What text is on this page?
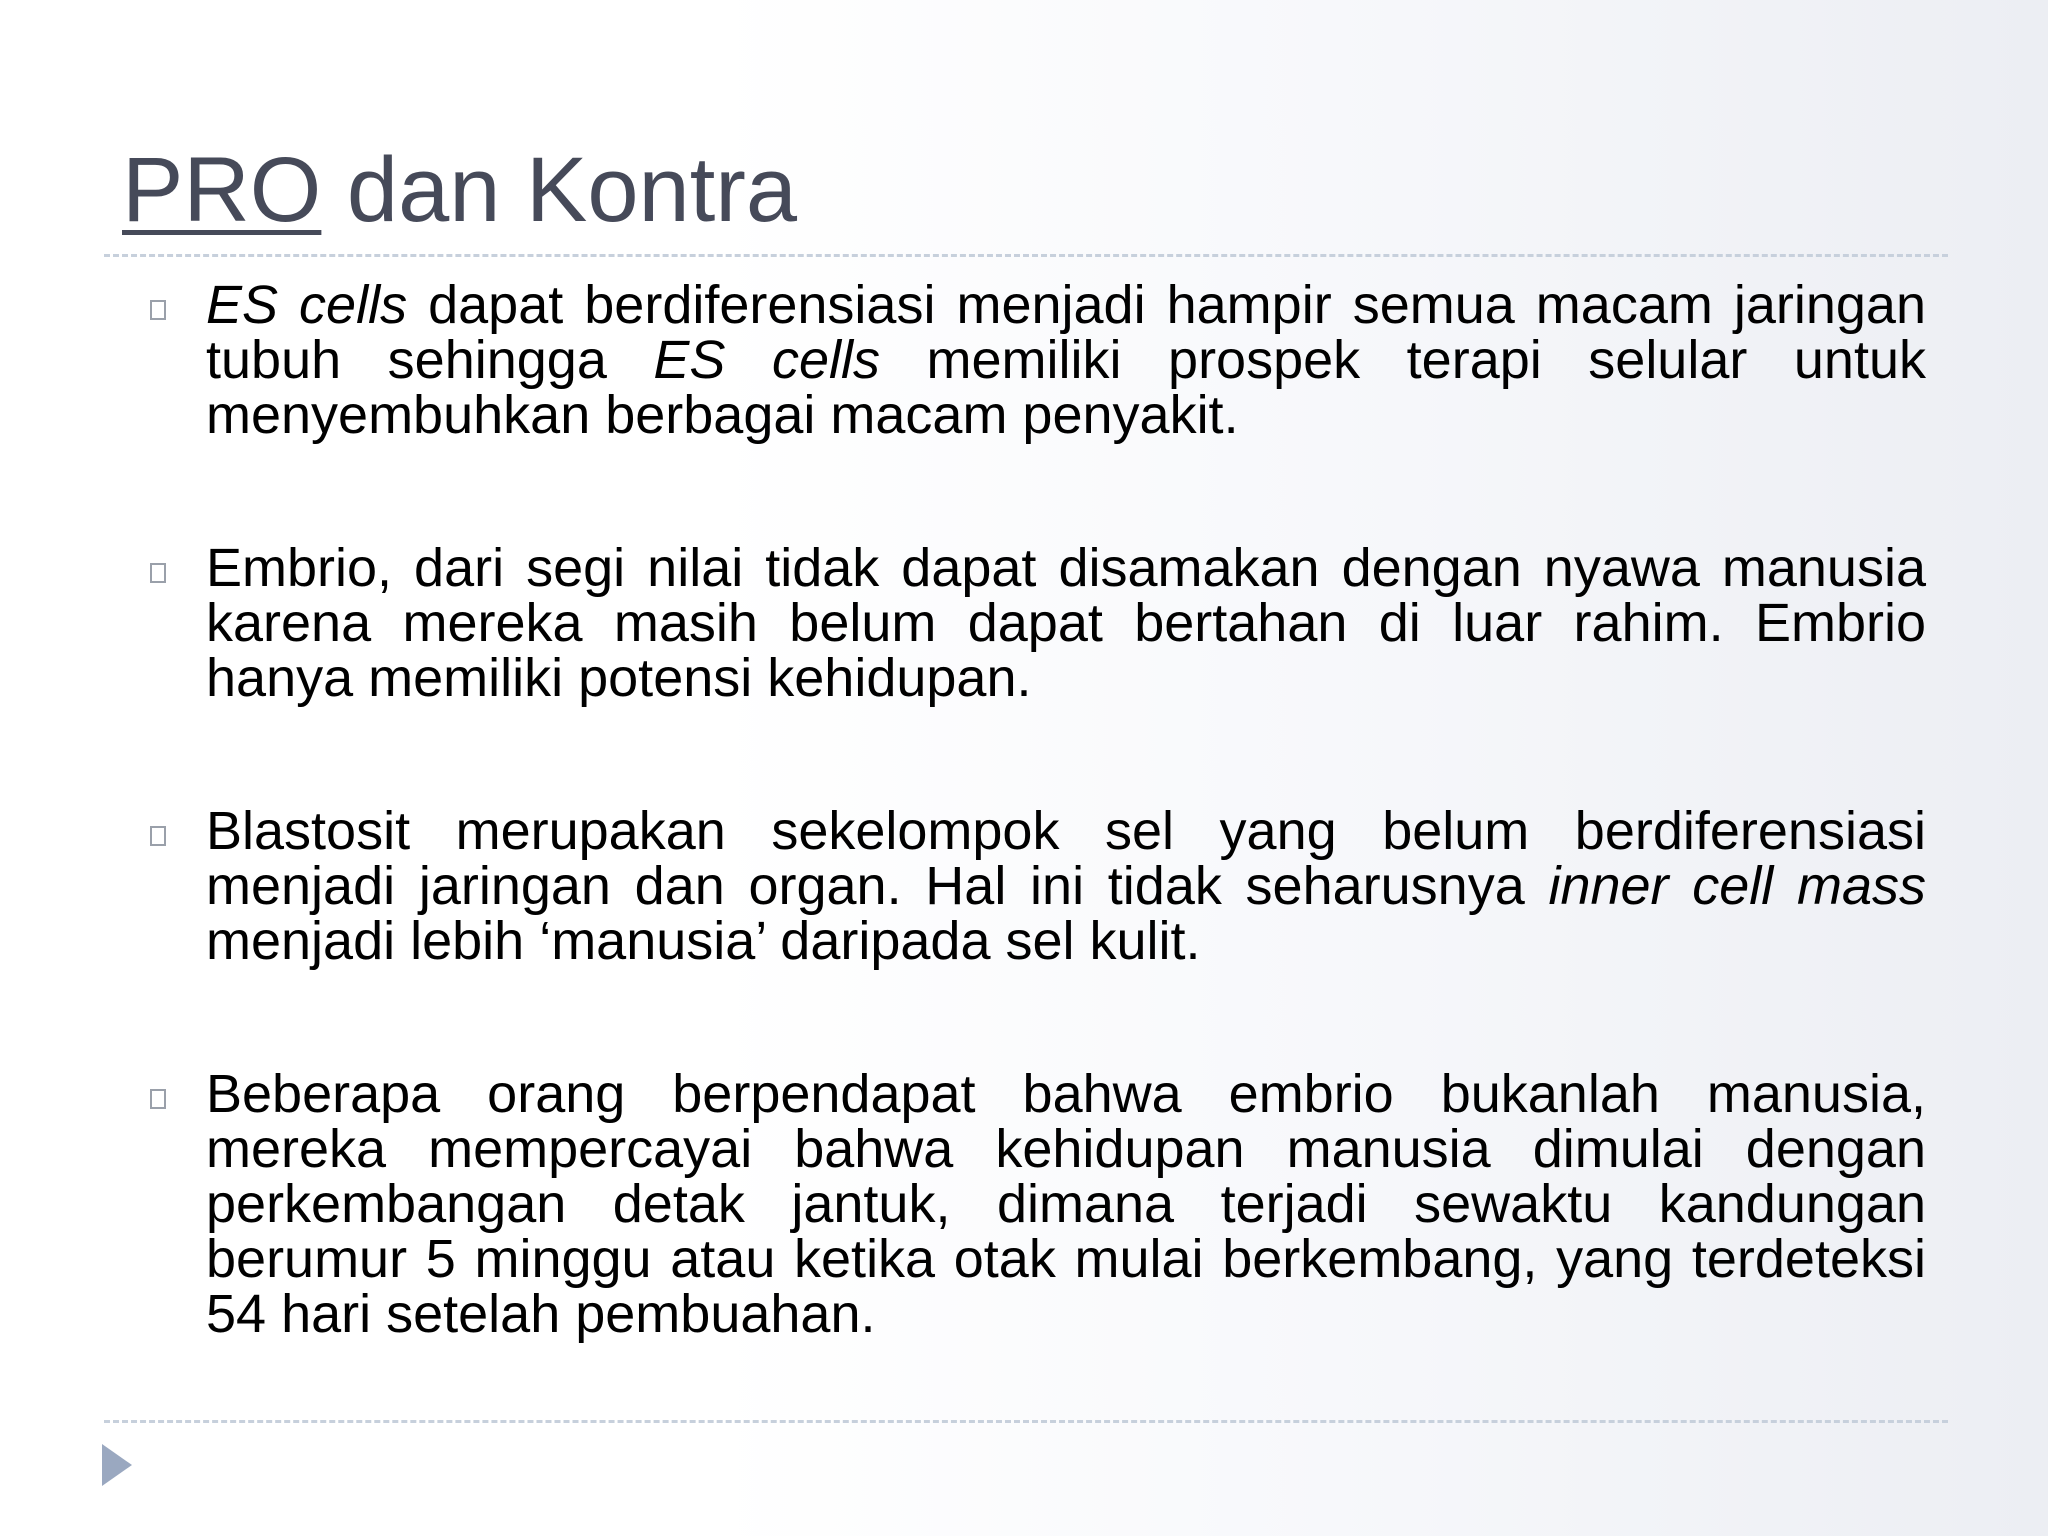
PRO dan Kontra

ES cells dapat berdiferensiasi menjadi hampir semua macam jaringan tubuh sehingga ES cells memiliki prospek terapi selular untuk menyembuhkan berbagai macam penyakit.

Embrio, dari segi nilai tidak dapat disamakan dengan nyawa manusia karena mereka masih belum dapat bertahan di luar rahim. Embrio hanya memiliki potensi kehidupan.

Blastosit merupakan sekelompok sel yang belum berdiferensiasi menjadi jaringan dan organ. Hal ini tidak seharusnya inner cell mass menjadi lebih ‘manusia’ daripada sel kulit.

Beberapa orang berpendapat bahwa embrio bukanlah manusia, mereka mempercayai bahwa kehidupan manusia dimulai dengan perkembangan detak jantuk, dimana terjadi sewaktu kandungan berumur 5 minggu atau ketika otak mulai berkembang, yang terdeteksi 54 hari setelah pembuahan.
